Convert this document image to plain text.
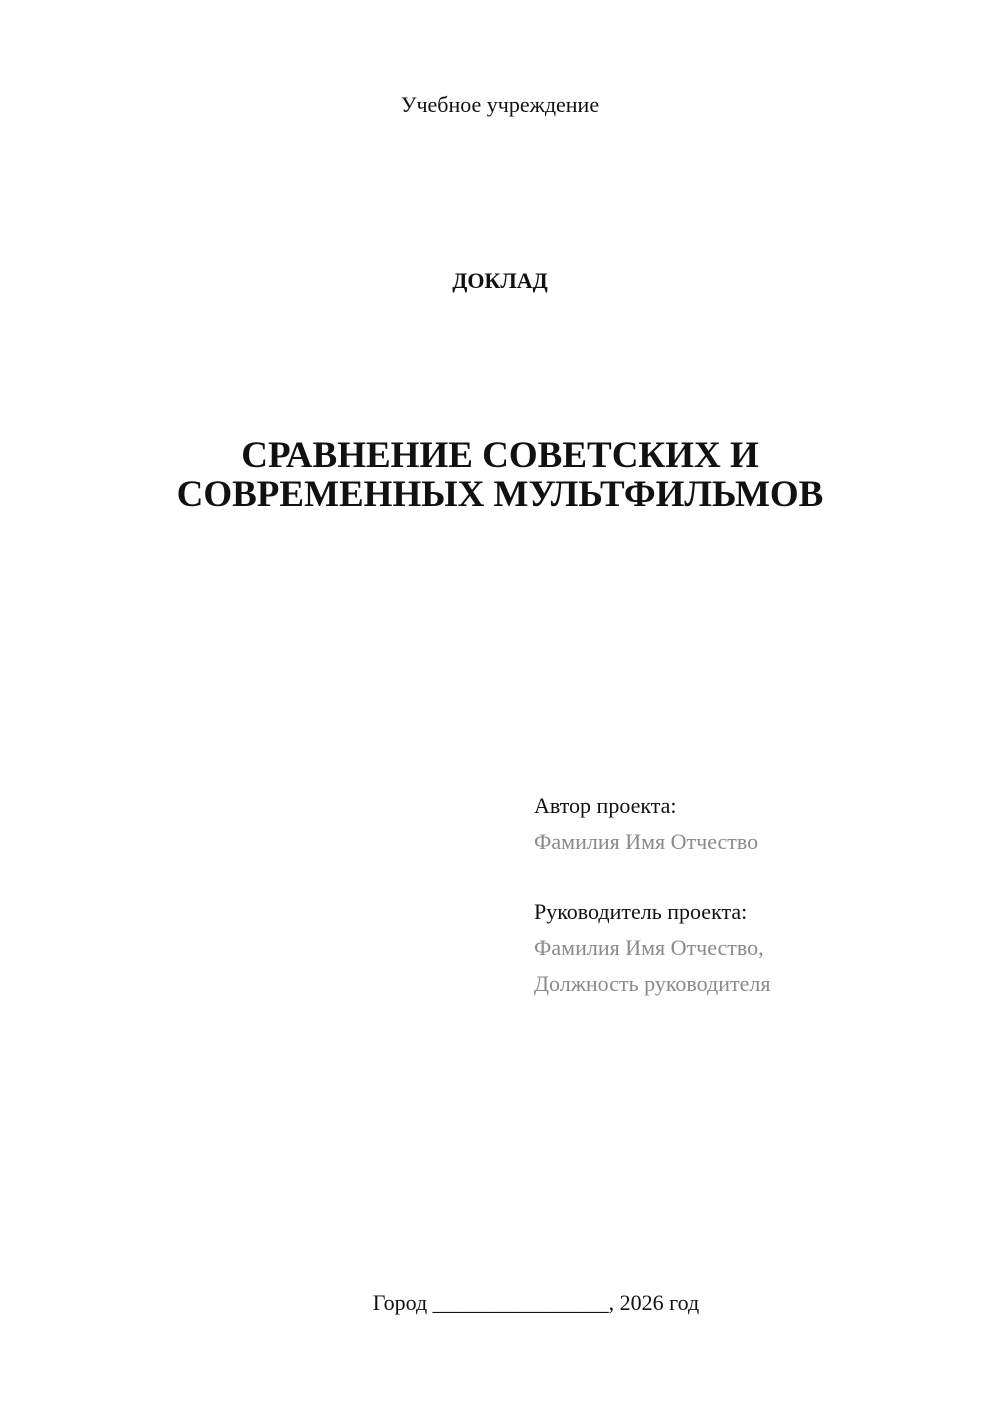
Учебное учреждение
ДОКЛАД
СРАВНЕНИЕ СОВЕТСКИХ И
СОВРЕМЕННЫХ МУЛЬТФИЛЬМОВ
Автор проекта:
Фамилия Имя Отчество
Руководитель проекта:
Фамилия Имя Отчество,
Должность руководителя
Город ________________, 2026 год
